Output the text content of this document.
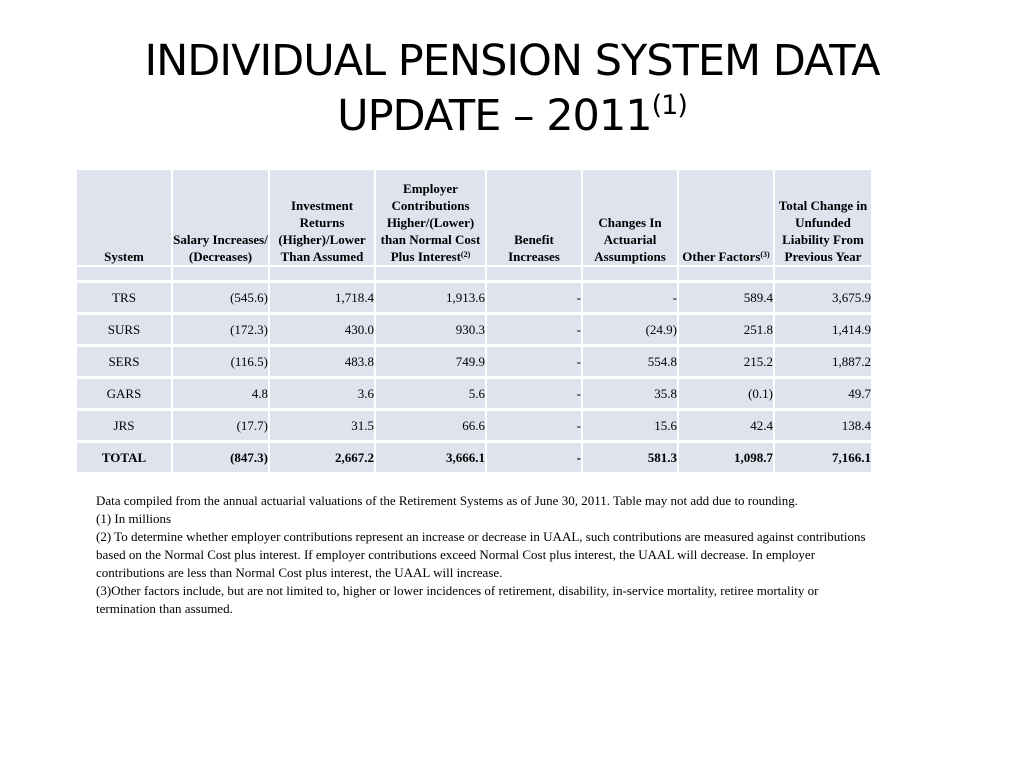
INDIVIDUAL PENSION SYSTEM DATA UPDATE – 2011$^{(1)}$
System	Salary Increases/ (Decreases)	Investment Returns (Higher)/Lower Than Assumed	Employer Contributions Higher/(Lower) than Normal Cost Plus Interest$^{(2)}$	Benefit Increases	Changes In Actuarial Assumptions	Other Factors$^{(3)}$	Total Change in Unfunded Liability From Previous Year

TRS	(545.6)	1,718.4	1,913.6	-	-	589.4	3,675.9
SURS	(172.3)	430.0	930.3	-	(24.9)	251.8	1,414.9
SERS	(116.5)	483.8	749.9	-	554.8	215.2	1,887.2
GARS	4.8	3.6	5.6	-	35.8	(0.1)	49.7
JRS	(17.7)	31.5	66.6	-	15.6	42.4	138.4
TOTAL	(847.3)	2,667.2	3,666.1	-	581.3	1,098.7	7,166.1

Data compiled from the annual actuarial valuations of the Retirement Systems as of June 30, 2011. Table may not add due to rounding.

(1) In millions

(2) To determine whether employer contributions represent an increase or decrease in UAAL, such contributions are measured against contributions based on the Normal Cost plus interest. If employer contributions exceed Normal Cost plus interest, the UAAL will decrease. In employer contributions are less than Normal Cost plus interest, the UAAL will increase.

(3)Other factors include, but are not limited to, higher or lower incidences of retirement, disability, in-service mortality, retiree mortality or termination than assumed.
